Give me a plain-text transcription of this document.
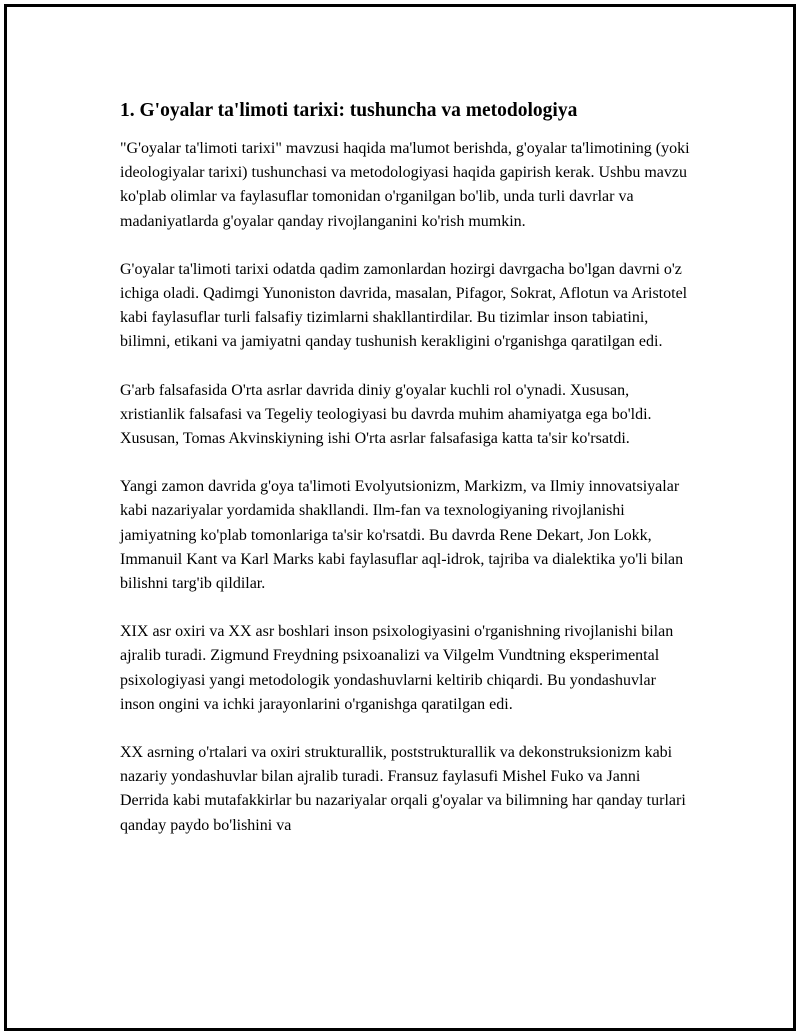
1. G'oyalar ta'limoti tarixi: tushuncha va metodologiya

"G'oyalar ta'limoti tarixi" mavzusi haqida ma'lumot berishda, g'oyalar ta'limotining (yoki ideologiyalar tarixi) tushunchasi va metodologiyasi haqida gapirish kerak. Ushbu mavzu ko'plab olimlar va faylasuflar tomonidan o'rganilgan bo'lib, unda turli davrlar va madaniyatlarda g'oyalar qanday rivojlanganini ko'rish mumkin.

G'oyalar ta'limoti tarixi odatda qadim zamonlardan hozirgi davrgacha bo'lgan davrni o'z ichiga oladi. Qadimgi Yunoniston davrida, masalan, Pifagor, Sokrat, Aflotun va Aristotel kabi faylasuflar turli falsafiy tizimlarni shakllantirdilar. Bu tizimlar inson tabiatini, bilimni, etikani va jamiyatni qanday tushunish kerakligini o'rganishga qaratilgan edi.

G'arb falsafasida O'rta asrlar davrida diniy g'oyalar kuchli rol o'ynadi. Xususan, xristianlik falsafasi va Tegeliy teologiyasi bu davrda muhim ahamiyatga ega bo'ldi. Xususan, Tomas Akvinskiyning ishi O'rta asrlar falsafasiga katta ta'sir ko'rsatdi.

Yangi zamon davrida g'oya ta'limoti Evolyutsionizm, Markizm, va Ilmiy innovatsiyalar kabi nazariyalar yordamida shakllandi. Ilm-fan va texnologiyaning rivojlanishi jamiyatning ko'plab tomonlariga ta'sir ko'rsatdi. Bu davrda Rene Dekart, Jon Lokk, Immanuil Kant va Karl Marks kabi faylasuflar aql-idrok, tajriba va dialektika yo'li bilan bilishni targ'ib qildilar.

XIX asr oxiri va XX asr boshlari inson psixologiyasini o'rganishning rivojlanishi bilan ajralib turadi. Zigmund Freydning psixoanalizi va Vilgelm Vundtning eksperimental psixologiyasi yangi metodologik yondashuvlarni keltirib chiqardi. Bu yondashuvlar inson ongini va ichki jarayonlarini o'rganishga qaratilgan edi.

XX asrning o'rtalari va oxiri strukturallik, poststrukturallik va dekonstruksionizm kabi nazariy yondashuvlar bilan ajralib turadi. Fransuz faylasufi Mishel Fuko va Janni Derrida kabi mutafakkirlar bu nazariyalar orqali g'oyalar va bilimning har qanday turlari qanday paydo bo'lishini va
